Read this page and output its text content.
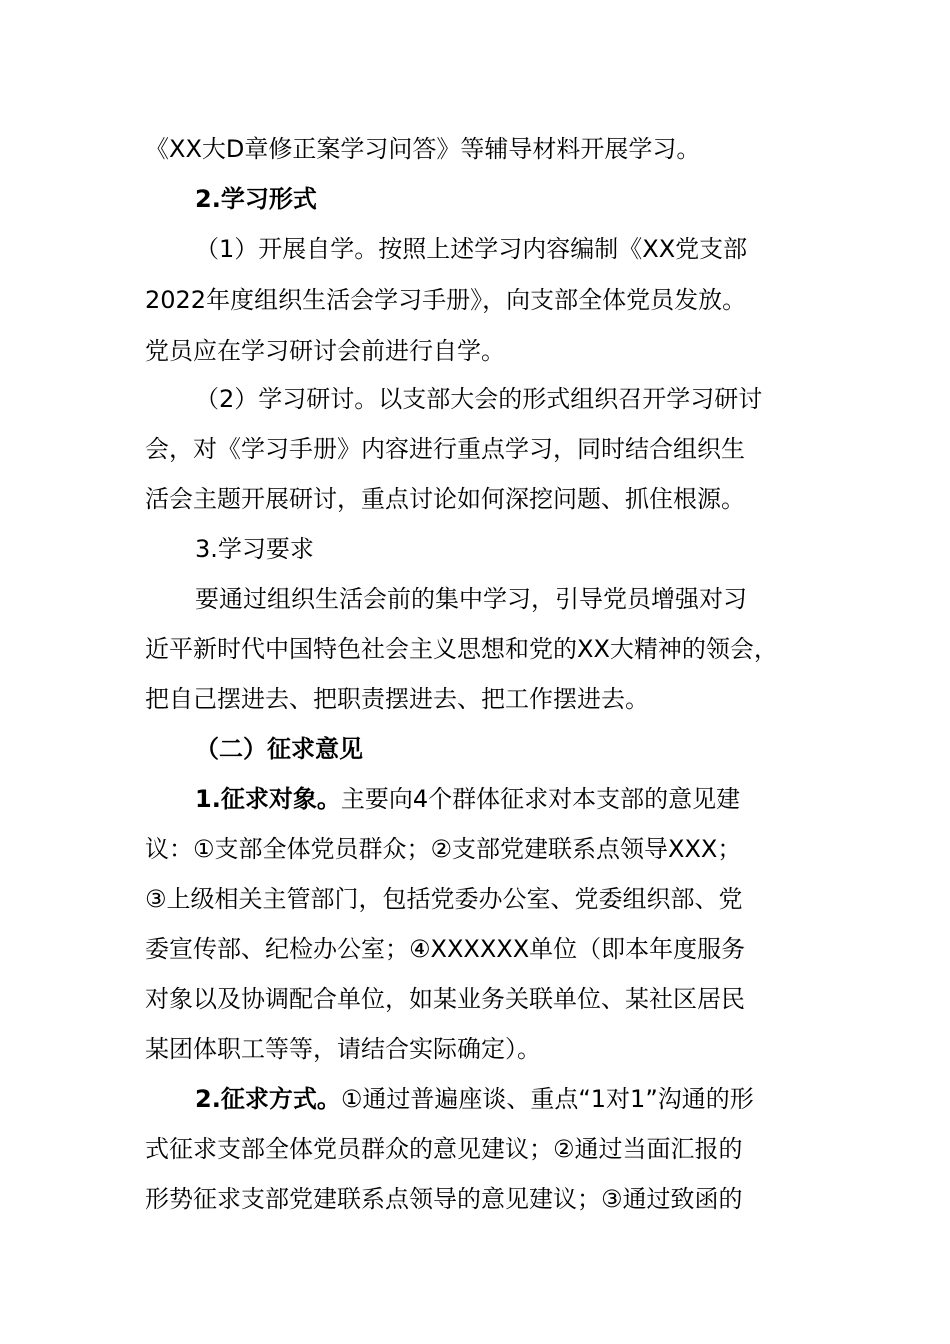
《XX大D章修正案学习问答》等辅导材料开展学习。
2.学习形式
（1）开展自学。按照上述学习内容编制《XX党支部
2022年度组织生活会学习手册》，向支部全体党员发放。
党员应在学习研讨会前进行自学。
（2）学习研讨。以支部大会的形式组织召开学习研讨
会，对《学习手册》内容进行重点学习，同时结合组织生
活会主题开展研讨，重点讨论如何深挖问题、抓住根源。
3.学习要求
要通过组织生活会前的集中学习，引导党员增强对习
近平新时代中国特色社会主义思想和党的XX大精神的领会，
把自己摆进去、把职责摆进去、把工作摆进去。
（二）征求意见
1.征求对象。主要向4个群体征求对本支部的意见建
议：①支部全体党员群众；②支部党建联系点领导XXX；
③上级相关主管部门，包括党委办公室、党委组织部、党
委宣传部、纪检办公室；④XXXXXX单位（即本年度服务
对象以及协调配合单位，如某业务关联单位、某社区居民
某团体职工等等，请结合实际确定）。
2.征求方式。①通过普遍座谈、重点“1对1”沟通的形
式征求支部全体党员群众的意见建议；②通过当面汇报的
形势征求支部党建联系点领导的意见建议；③通过致函的
